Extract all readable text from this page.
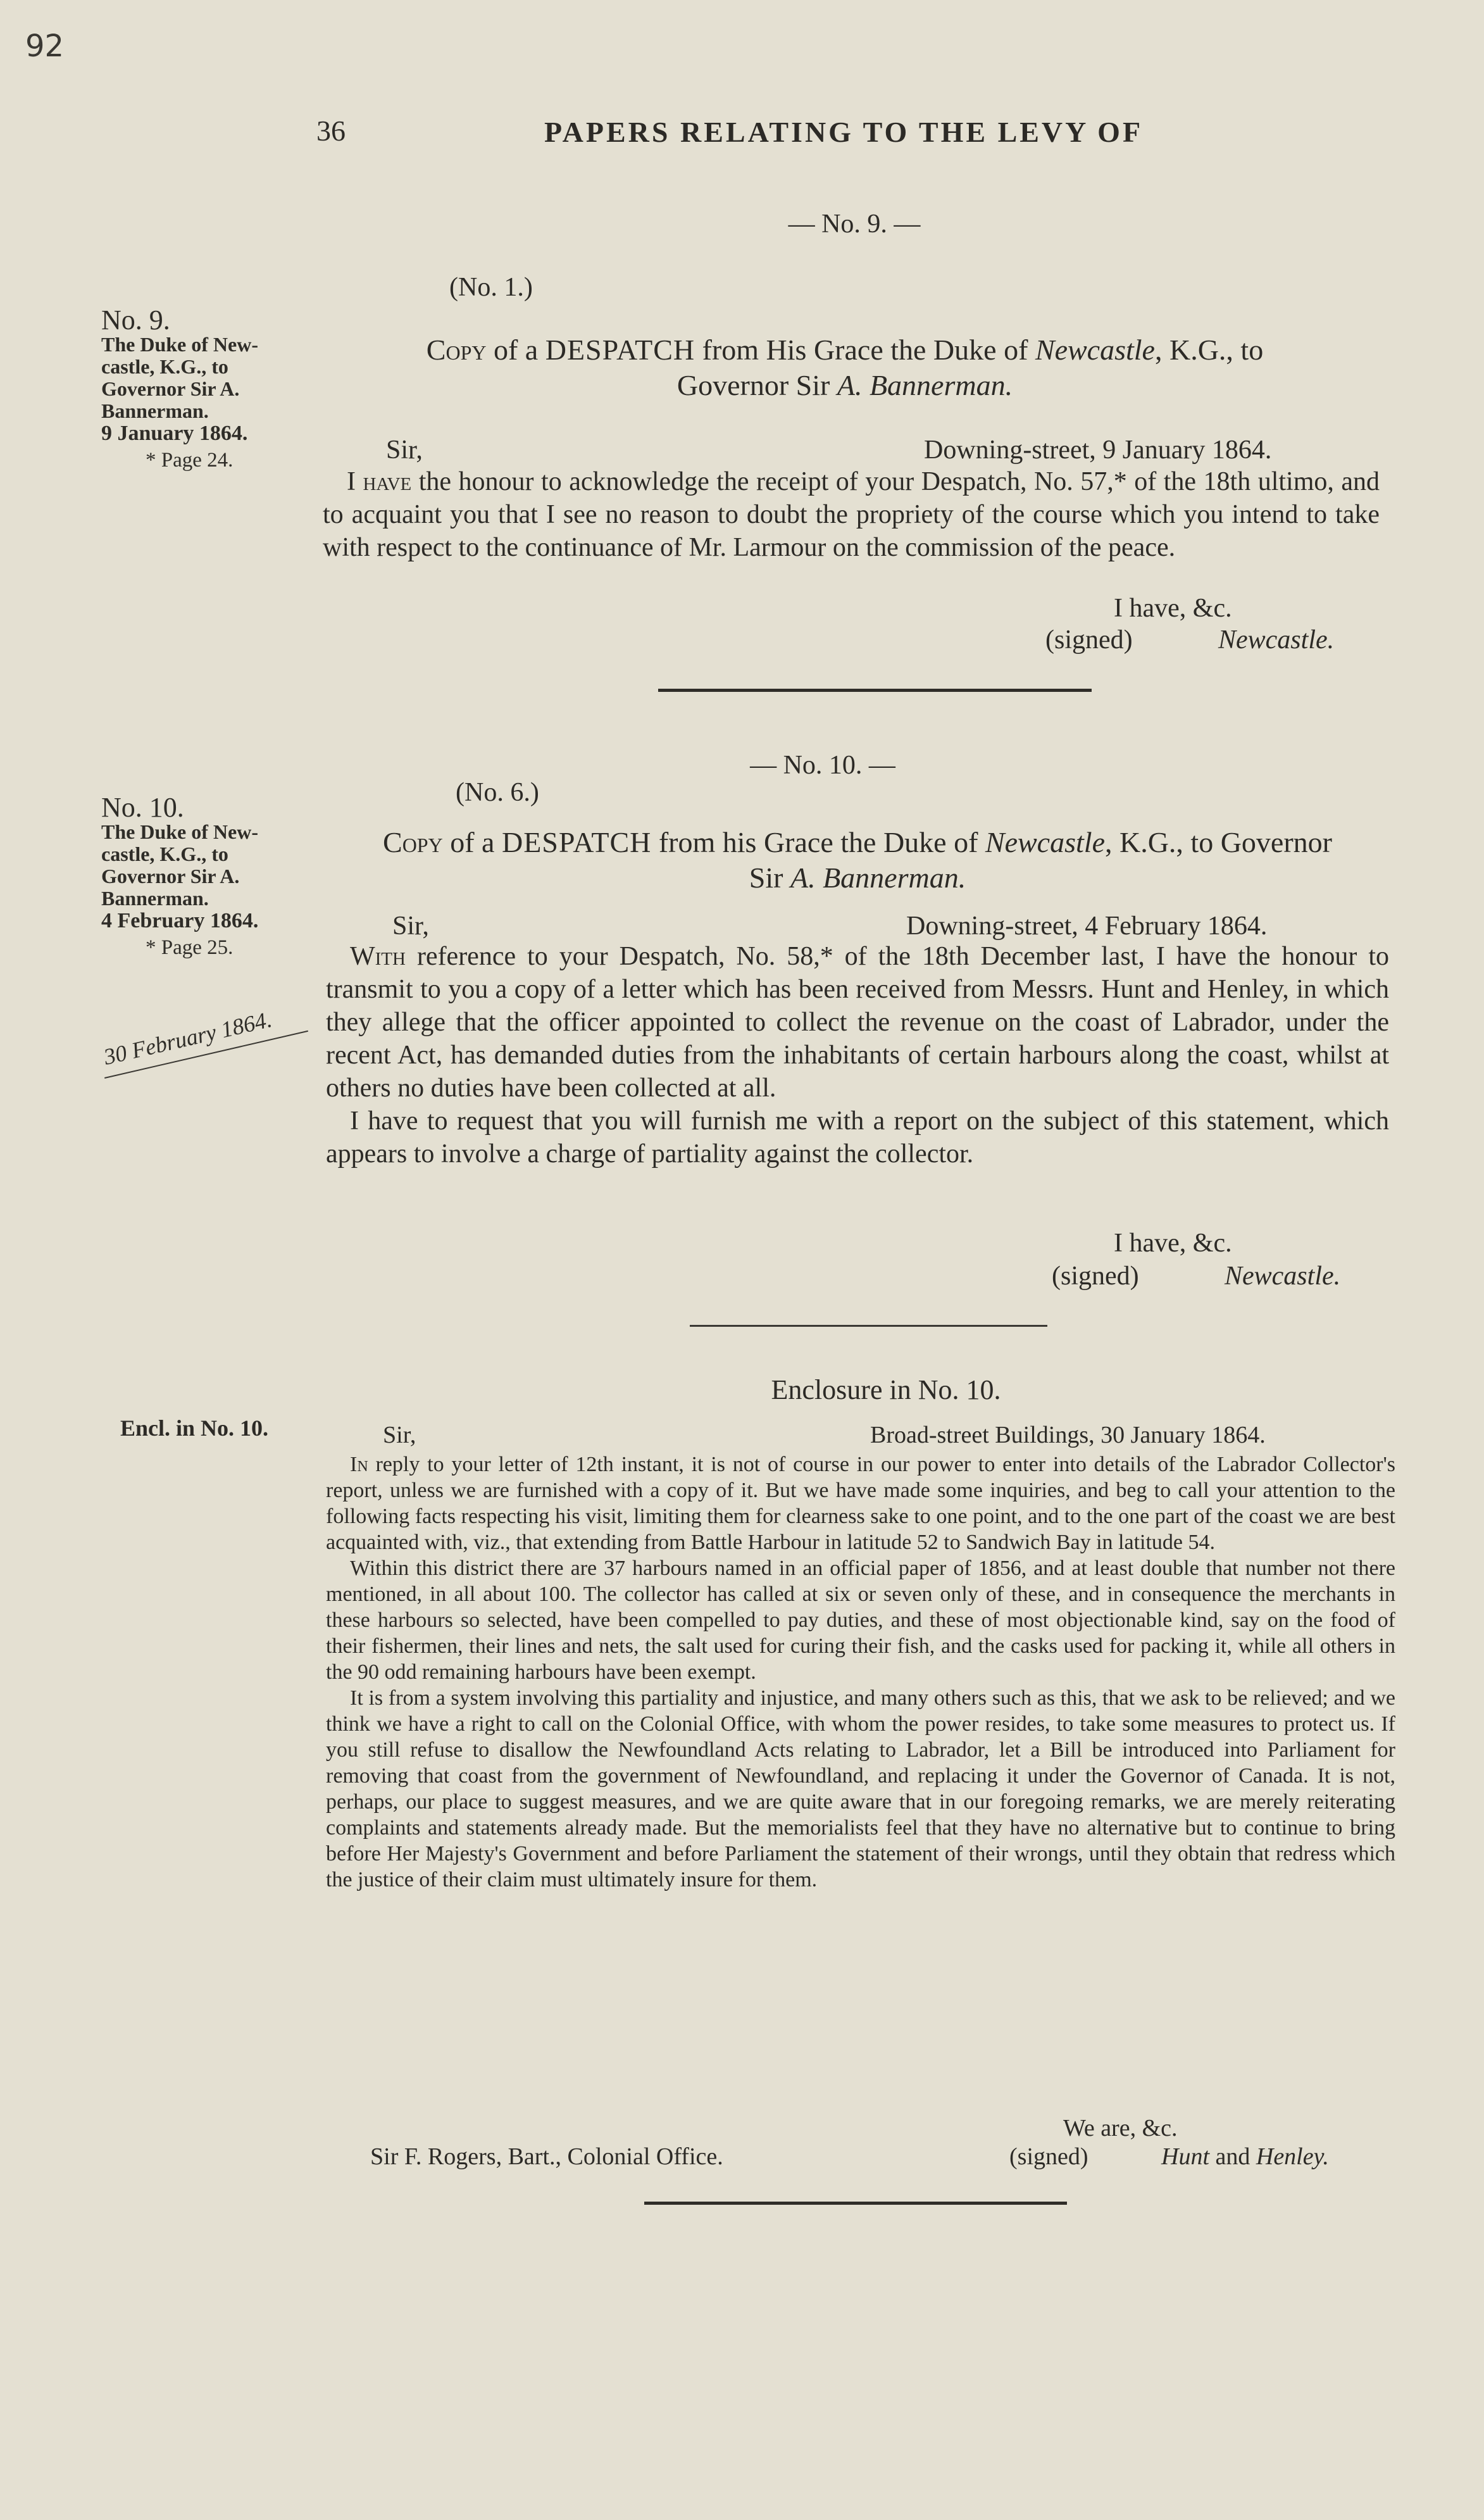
92
36	PAPERS RELATING TO THE LEVY OF
— No. 9. —
(No. 1.)
No. 9.
The Duke of New-
castle, K.G., to
Governor Sir A.
Bannerman.
9 January 1864.
* Page 24.
Copy of a DESPATCH from His Grace the Duke of Newcastle, K.G., to
Governor Sir A. Bannerman.
Sir,	Downing-street, 9 January 1864.

I have the honour to acknowledge the receipt of your Despatch, No. 57,* of the 18th ultimo, and to acquaint you that I see no reason to doubt the propriety of the course which you intend to take with respect to the continuance of Mr. Larmour on the commission of the peace.

I have, &c.
(signed)	Newcastle.
— No. 10. —
(No. 6.)
No. 10.
The Duke of New-
castle, K.G., to
Governor Sir A.
Bannerman.
4 February 1864.
* Page 25.
30 February 1864.
Copy of a DESPATCH from his Grace the Duke of Newcastle, K.G., to Governor
Sir A. Bannerman.
Sir,	Downing-street, 4 February 1864.

With reference to your Despatch, No. 58,* of the 18th December last, I have the honour to transmit to you a copy of a letter which has been received from Messrs. Hunt and Henley, in which they allege that the officer appointed to collect the revenue on the coast of Labrador, under the recent Act, has demanded duties from the inhabitants of certain harbours along the coast, whilst at others no duties have been collected at all.

I have to request that you will furnish me with a report on the subject of this statement, which appears to involve a charge of partiality against the collector.

I have, &c.
(signed)	Newcastle.
Enclosure in No. 10.
Encl. in No. 10.	Sir,	Broad-street Buildings, 30 January 1864.

In reply to your letter of 12th instant, it is not of course in our power to enter into details of the Labrador Collector's report, unless we are furnished with a copy of it. But we have made some inquiries, and beg to call your attention to the following facts respecting his visit, limiting them for clearness sake to one point, and to the one part of the coast we are best acquainted with, viz., that extending from Battle Harbour in latitude 52 to Sandwich Bay in latitude 54.

Within this district there are 37 harbours named in an official paper of 1856, and at least double that number not there mentioned, in all about 100. The collector has called at six or seven only of these, and in consequence the merchants in these harbours so selected, have been compelled to pay duties, and these of most objectionable kind, say on the food of their fishermen, their lines and nets, the salt used for curing their fish, and the casks used for packing it, while all others in the 90 odd remaining harbours have been exempt.

It is from a system involving this partiality and injustice, and many others such as this, that we ask to be relieved; and we think we have a right to call on the Colonial Office, with whom the power resides, to take some measures to protect us. If you still refuse to disallow the Newfoundland Acts relating to Labrador, let a Bill be introduced into Parliament for removing that coast from the government of Newfoundland, and replacing it under the Governor of Canada. It is not, perhaps, our place to suggest measures, and we are quite aware that in our foregoing remarks, we are merely reiterating complaints and statements already made. But the memorialists feel that they have no alternative but to continue to bring before Her Majesty's Government and before Parliament the statement of their wrongs, until they obtain that redress which the justice of their claim must ultimately insure for them.

We are, &c.
Sir F. Rogers, Bart., Colonial Office.	(signed)	Hunt and Henley.
